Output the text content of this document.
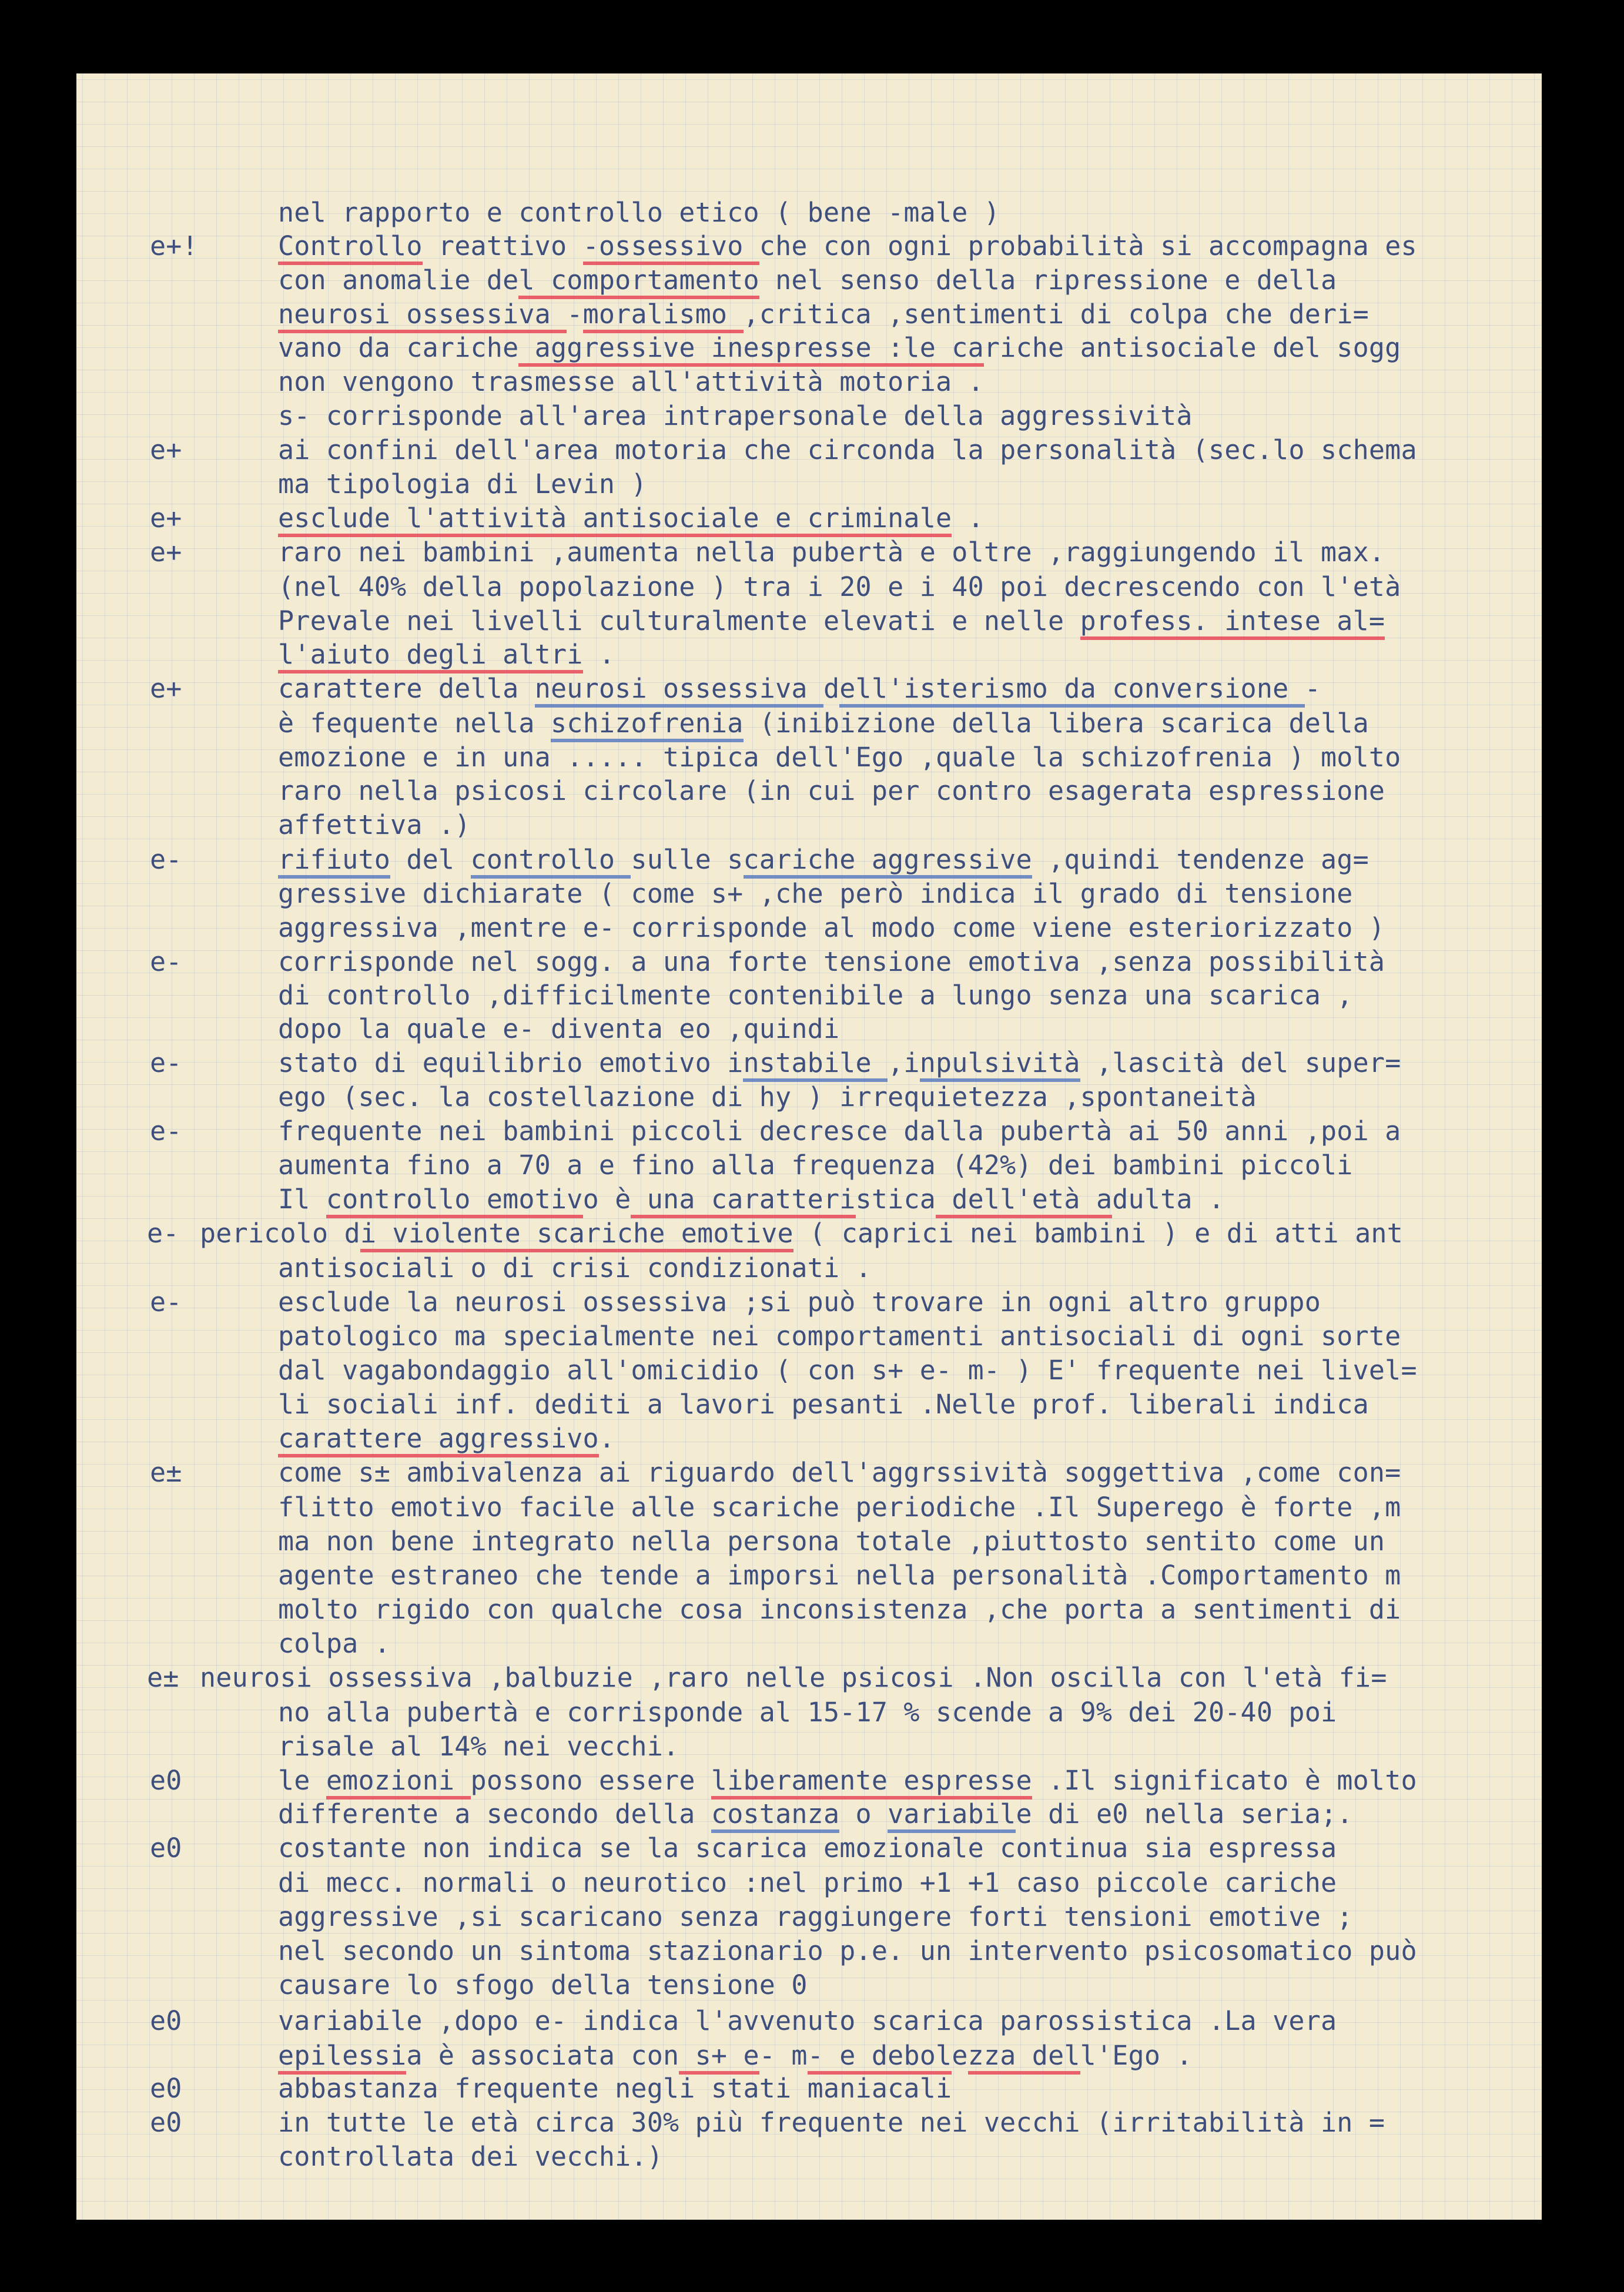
nel rapporto e controllo etico ( bene -male )
e+!	Controllo reattivo -ossessivo che con ogni probabilità si accompagna es
con anomalie del comportamento nel senso della ripressione e della
neurosi ossessiva -moralismo ,critica ,sentimenti di colpa che deri=
vano da cariche aggressive inespresse :le cariche antisociale del sogg
non vengono trasmesse all'attività motoria .
s- corrisponde all'area intrapersonale della aggressività
e+	ai confini dell'area motoria che circonda la personalità (sec.lo schema
ma tipologia di Levin )
e+	esclude l'attività antisociale e criminale .
e+	raro nei bambini ,aumenta nella pubertà e oltre ,raggiungendo il max.
(nel 40% della popolazione ) tra i 20 e i 40 poi decrescendo con l'età
Prevale nei livelli culturalmente elevati e nelle profess. intese al=
l'aiuto degli altri .
e+	carattere della neurosi ossessiva dell'isterismo da conversione -
è fequente nella schizofrenia (inibizione della libera scarica della
emozione e in una ..... tipica dell'Ego ,quale la schizofrenia ) molto
raro nella psicosi circolare (in cui per contro esagerata espressione
affettiva .)
e-	rifiuto del controllo sulle scariche aggressive ,quindi tendenze ag=
gressive dichiarate ( come s+ ,che però indica il grado di tensione
aggressiva ,mentre e- corrisponde al modo come viene esteriorizzato )
e-	corrisponde nel sogg. a una forte tensione emotiva ,senza possibilità
di controllo ,difficilmente contenibile a lungo senza una scarica ,
dopo la quale e- diventa eo ,quindi
e-	stato di equilibrio emotivo instabile ,inpulsività ,lascità del super=
ego (sec. la costellazione di hy ) irrequietezza ,spontaneità
e-	frequente nei bambini piccoli decresce dalla pubertà ai 50 anni ,poi a
aumenta fino a 70 a e fino alla frequenza (42%) dei bambini piccoli
Il controllo emotivo è una caratteristica dell'età adulta .
e- pericolo di violente scariche emotive ( caprici nei bambini ) e di atti ant
antisociali o di crisi condizionati .
e-	esclude la neurosi ossessiva ;si può trovare in ogni altro gruppo
patologico ma specialmente nei comportamenti antisociali di ogni sorte
dal vagabondaggio all'omicidio ( con s+ e- m- ) E' frequente nei livel=
li sociali inf. dediti a lavori pesanti .Nelle prof. liberali indica
carattere aggressivo.
e±	come s± ambivalenza ai riguardo dell'aggrssività soggettiva ,come con=
flitto emotivo facile alle scariche periodiche .Il Superego è forte ,m
ma non bene integrato nella persona totale ,piuttosto sentito come un
agente estraneo che tende a imporsi nella personalità .Comportamento m
molto rigido con qualche cosa inconsistenza ,che porta a sentimenti di
colpa .
e± neurosi ossessiva ,balbuzie ,raro nelle psicosi .Non oscilla con l'età fi=
no alla pubertà e corrisponde al 15-17 % scende a 9% dei 20-40 poi
risale al 14% nei vecchi.
e0	le emozioni possono essere liberamente espresse .Il significato è molto
differente a secondo della costanza o variabile di e0 nella seria;.
e0	costante non indica se la scarica emozionale continua sia espressa
di mecc. normali o neurotico :nel primo +1 +1 caso piccole cariche
aggressive ,si scaricano senza raggiungere forti tensioni emotive ;
nel secondo un sintoma stazionario p.e. un intervento psicosomatico può
causare lo sfogo della tensione 0
e0	variabile ,dopo e- indica l'avvenuto scarica parossistica .La vera
epilessia è associata con s+ e- m- e debolezza dell'Ego .
e0	abbastanza frequente negli stati maniacali
e0	in tutte le età circa 30% più frequente nei vecchi (irritabilità in =
controllata dei vecchi.)
